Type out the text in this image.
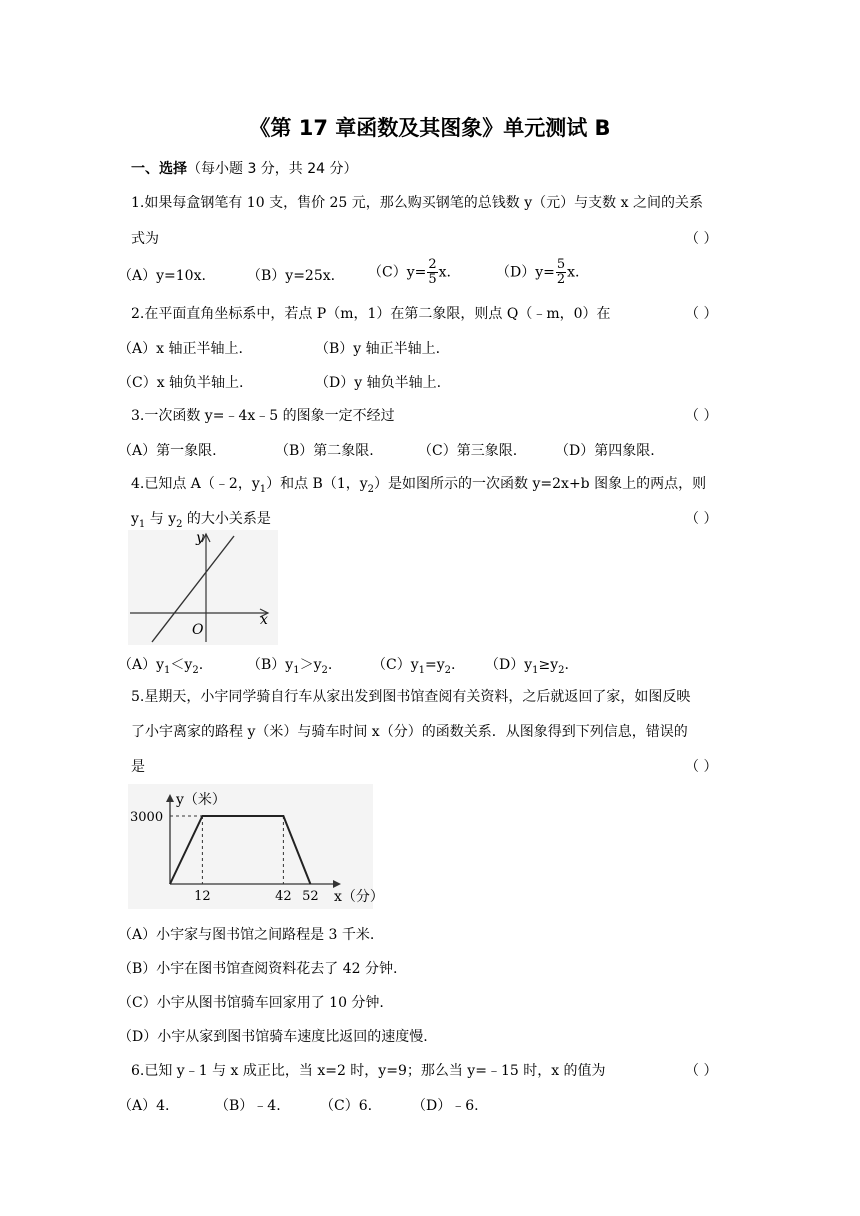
《第 17 章函数及其图象》单元测试 B
一、选择（每小题 3 分，共 24 分）
1.如果每盒钢笔有 10 支，售价 25 元，那么购买钢笔的总钱数 y（元）与支数 x 之间的关系
式为	（ ）
（A）y=10x.	（B）y=25x. $(C)y= \frac{2}{5} x$.	$(D)y= \frac{5}{2} x$.
2.在平面直角坐标系中，若点 P（m，1）在第二象限，则点 Q（﹣m，0）在	（ ）
（A）x 轴正半轴上.	（B）y 轴正半轴上.
（C）x 轴负半轴上.	（D）y 轴负半轴上.
3.一次函数 y=﹣4x﹣5 的图象一定不经过	（ ）
（A）第一象限.	（B）第二象限.	（C）第三象限.	（D）第四象限.
4.已知点 A（﹣2，$y_1$）和点 B（1，$y_2$）是如图所示的一次函数 y=2x+b 图象上的两点，则
$y_1$ 与 $y_2$ 的大小关系是	（ ）
y
x
O
$(A)y_1<y_2$.	$(B)y_1>y_2$.	$(C)y_1=y_2$. $(D)y_1\ge y_2$.
5.星期天，小宇同学骑自行车从家出发到图书馆查阅有关资料，之后就返回了家，如图反映
了小宇离家的路程 y（米）与骑车时间 x（分）的函数关系．从图象得到下列信息，错误的
是	（ ）
3000
12	42 52
y（米）
x（分）
（A）小宇家与图书馆之间路程是 3 千米.
（B）小宇在图书馆查阅资料花去了 42 分钟.
（C）小宇从图书馆骑车回家用了 10 分钟.
（D）小宇从家到图书馆骑车速度比返回的速度慢.
6.已知 y﹣1 与 x 成正比，当 x=2 时，y=9；那么当 y=﹣15 时，x 的值为	（ ）
（A）4.	（B）﹣4.	（C）6.	（D）﹣6.
